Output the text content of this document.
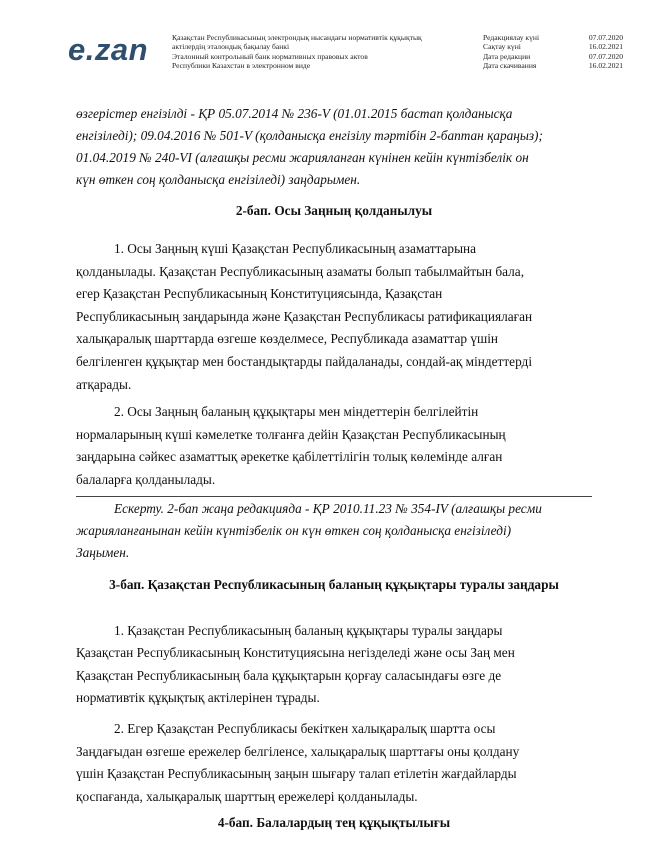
e.zan	Қазақстан Республикасының электрондық нысандағы нормативтік құқықтық
актілердің эталондық бақылау банкі
Эталонный контрольный банк нормативных правовых актов
Республики Казахстан в электронном виде
Редакциялау күні	07.07.2020
Сақтау күні	16.02.2021
Дата редакции	07.07.2020
Дата скачивания	16.02.2021
өзгерістер енгізілді - ҚР 05.07.2014 № 236-V (01.01.2015 бастап қолданысқа
енгізіледі); 09.04.2016 № 501-V (қолданысқа енгізілу тәртібін 2-баптан қараңыз);
01.04.2019 № 240-VI (алғашқы ресми жарияланған күнінен кейін күнтізбелік он
күн өткен соң қолданысқа енгізіледі) заңдарымен.
2-бап. Осы Заңның қолданылуы
1. Осы Заңның күші Қазақстан Республикасының азаматтарына
қолданылады. Қазақстан Республикасының азаматы болып табылмайтын бала,
егер Қазақстан Республикасының Конституциясында, Қазақстан
Республикасының заңдарында және Қазақстан Республикасы ратификациялаған
халықаралық шарттарда өзгеше көзделмесе, Республикада азаматтар үшін
белгіленген құқықтар мен бостандықтарды пайдаланады, сондай-ақ міндеттерді
атқарады.
2. Осы Заңның баланың құқықтары мен міндеттерін белгілейтін
нормаларының күші кәмелетке толғанға дейін Қазақстан Республикасының
заңдарына сәйкес азаматтық әрекетке қабілеттілігін толық көлемінде алған
балаларға қолданылады.
Ескерту. 2-бап жаңа редакцияда - ҚР 2010.11.23 № 354-IV (алғашқы ресми
жарияланғанынан кейін күнтізбелік он күн өткен соң қолданысқа енгізіледі)
Заңымен.
3-бап. Қазақстан Республикасының баланың құқықтары туралы заңдары
1. Қазақстан Республикасының баланың құқықтары туралы заңдары
Қазақстан Республикасының Конституциясына негізделеді және осы Заң мен
Қазақстан Республикасының бала құқықтарын қорғау саласындағы өзге де
нормативтік құқықтық актілерінен тұрады.
2. Егер Қазақстан Республикасы бекіткен халықаралық шартта осы
Заңдағыдан өзгеше ережелер белгіленсе, халықаралық шарттағы оны қолдану
үшін Қазақстан Республикасының заңын шығару талап етілетін жағдайларды
қоспағанда, халықаралық шарттың ережелері қолданылады.
4-бап. Балалардың тең құқықтылығы
